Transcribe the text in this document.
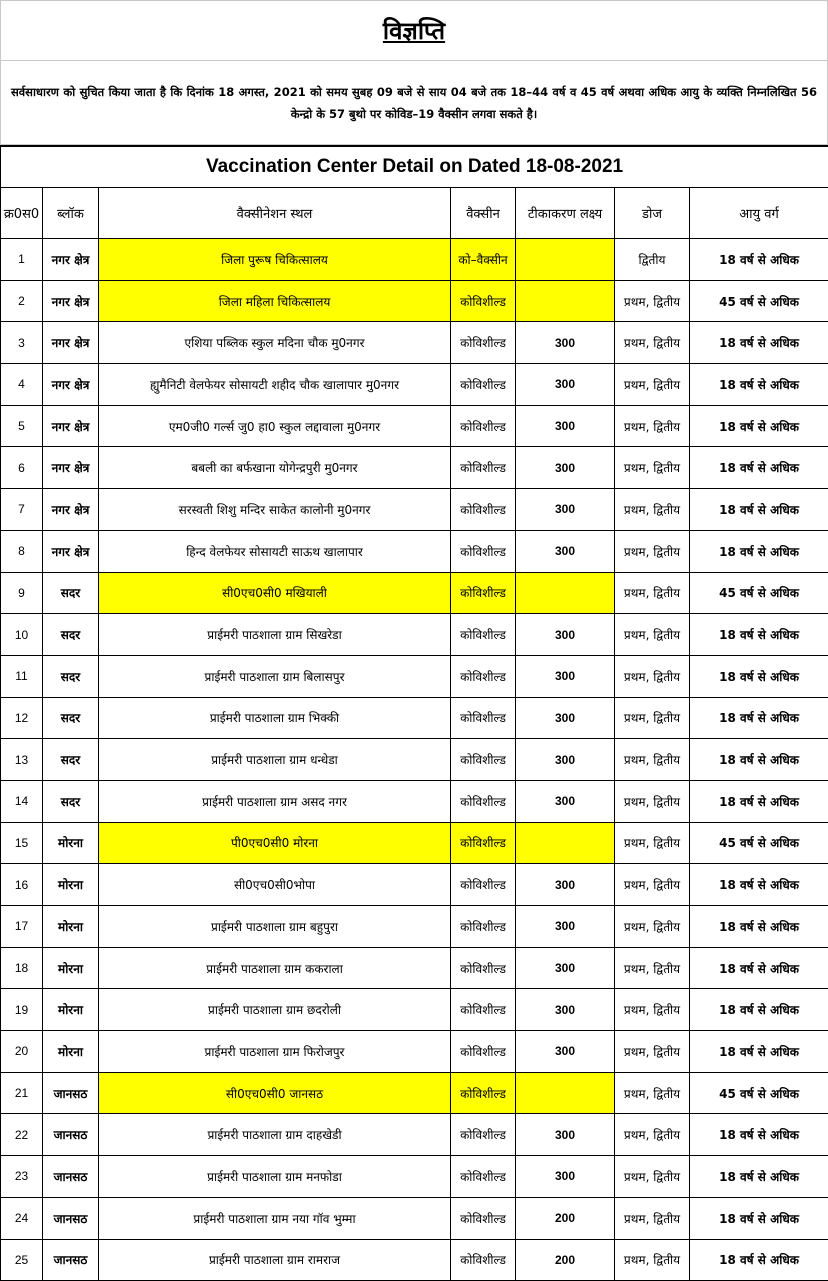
विज्ञप्ति
सर्वसाधारण को सुचित किया जाता है कि दिनांक 18 अगस्त, 2021 को समय सुबह 09 बजे से साय 04 बजे तक 18–44 वर्ष व 45 वर्ष अथवा अधिक आयु के व्यक्ति निम्नलिखित 56 केन्द्रो के 57 बुथो पर कोविड–19 वैक्सीन लगवा सकते है।
Vaccination Center Detail on Dated 18-08-2021						
क्र0स0	ब्लॉक	वैक्सीनेशन स्थल	वैक्सीन	टीकाकरण लक्ष्य	डोज	आयु वर्ग
1	नगर क्षेत्र	जिला पुरूष चिकित्सालय	को–वैक्सीन		द्वितीय	18 वर्ष से अधिक
2	नगर क्षेत्र	जिला महिला चिकित्सालय	कोविशील्ड		प्रथम, द्वितीय	45 वर्ष से अधिक
3	नगर क्षेत्र	एशिया पब्लिक स्कुल मदिना चौक मु0नगर	कोविशील्ड	300	प्रथम, द्वितीय	18 वर्ष से अधिक
4	नगर क्षेत्र	ह्युमैनिटी वेलफेयर सोसायटी शहीद चौक खालापार मु0नगर	कोविशील्ड	300	प्रथम, द्वितीय	18 वर्ष से अधिक
5	नगर क्षेत्र	एम0जी0 गर्ल्स जु0 हा0 स्कुल लद्दावाला मु0नगर	कोविशील्ड	300	प्रथम, द्वितीय	18 वर्ष से अधिक
6	नगर क्षेत्र	बबली का बर्फखाना योगेन्द्रपुरी मु0नगर	कोविशील्ड	300	प्रथम, द्वितीय	18 वर्ष से अधिक
7	नगर क्षेत्र	सरस्वती शिशु मन्दिर साकेत कालोनी मु0नगर	कोविशील्ड	300	प्रथम, द्वितीय	18 वर्ष से अधिक
8	नगर क्षेत्र	हिन्द वेलफेयर सोसायटी साऊथ खालापार	कोविशील्ड	300	प्रथम, द्वितीय	18 वर्ष से अधिक
9	सदर	सी0एच0सी0 मखियाली	कोविशील्ड		प्रथम, द्वितीय	45 वर्ष से अधिक
10	सदर	प्राईमरी पाठशाला ग्राम सिखरेडा	कोविशील्ड	300	प्रथम, द्वितीय	18 वर्ष से अधिक
11	सदर	प्राईमरी पाठशाला ग्राम बिलासपुर	कोविशील्ड	300	प्रथम, द्वितीय	18 वर्ष से अधिक
12	सदर	प्राईमरी पाठशाला ग्राम भिक्की	कोविशील्ड	300	प्रथम, द्वितीय	18 वर्ष से अधिक
13	सदर	प्राईमरी पाठशाला ग्राम धन्धेडा	कोविशील्ड	300	प्रथम, द्वितीय	18 वर्ष से अधिक
14	सदर	प्राईमरी पाठशाला ग्राम असद नगर	कोविशील्ड	300	प्रथम, द्वितीय	18 वर्ष से अधिक
15	मोरना	पी0एच0सी0 मोरना	कोविशील्ड		प्रथम, द्वितीय	45 वर्ष से अधिक
16	मोरना	सी0एच0सी0भोपा	कोविशील्ड	300	प्रथम, द्वितीय	18 वर्ष से अधिक
17	मोरना	प्राईमरी पाठशाला ग्राम बहुपुरा	कोविशील्ड	300	प्रथम, द्वितीय	18 वर्ष से अधिक
18	मोरना	प्राईमरी पाठशाला ग्राम ककराला	कोविशील्ड	300	प्रथम, द्वितीय	18 वर्ष से अधिक
19	मोरना	प्राईमरी पाठशाला ग्राम छदरोली	कोविशील्ड	300	प्रथम, द्वितीय	18 वर्ष से अधिक
20	मोरना	प्राईमरी पाठशाला ग्राम फिरोजपुर	कोविशील्ड	300	प्रथम, द्वितीय	18 वर्ष से अधिक
21	जानसठ	सी0एच0सी0 जानसठ	कोविशील्ड		प्रथम, द्वितीय	45 वर्ष से अधिक
22	जानसठ	प्राईमरी पाठशाला ग्राम दाहखेडी	कोविशील्ड	300	प्रथम, द्वितीय	18 वर्ष से अधिक
23	जानसठ	प्राईमरी पाठशाला ग्राम मनफोडा	कोविशील्ड	300	प्रथम, द्वितीय	18 वर्ष से अधिक
24	जानसठ	प्राईमरी पाठशाला ग्राम नया गॉव भुम्मा	कोविशील्ड	200	प्रथम, द्वितीय	18 वर्ष से अधिक
25	जानसठ	प्राईमरी पाठशाला ग्राम रामराज	कोविशील्ड	200	प्रथम, द्वितीय	18 वर्ष से अधिक
